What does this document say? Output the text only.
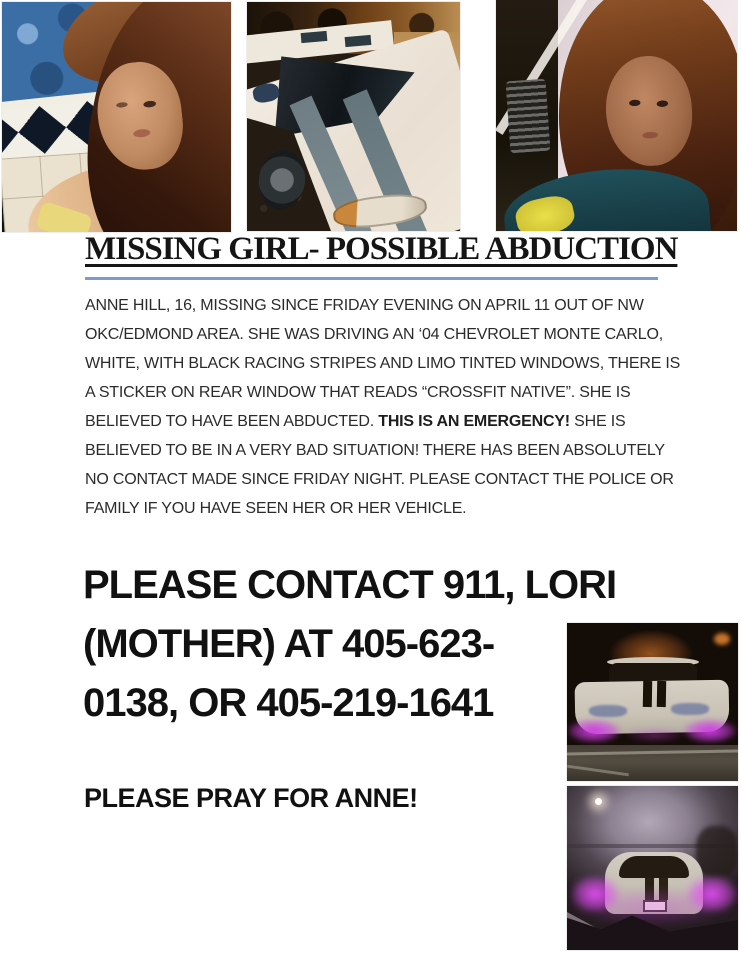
MISSING GIRL- POSSIBLE ABDUCTION

ANNE HILL, 16, MISSING SINCE FRIDAY EVENING ON APRIL 11 OUT OF NW OKC/EDMOND AREA. SHE WAS DRIVING AN ‘04 CHEVROLET MONTE CARLO, WHITE, WITH BLACK RACING STRIPES AND LIMO TINTED WINDOWS, THERE IS A STICKER ON REAR WINDOW THAT READS “CROSSFIT NATIVE”. SHE IS BELIEVED TO HAVE BEEN ABDUCTED. THIS IS AN EMERGENCY! SHE IS BELIEVED TO BE IN A VERY BAD SITUATION! THERE HAS BEEN ABSOLUTELY NO CONTACT MADE SINCE FRIDAY NIGHT. PLEASE CONTACT THE POLICE OR FAMILY IF YOU HAVE SEEN HER OR HER VEHICLE.

PLEASE CONTACT 911, LORI
(MOTHER) AT 405-623-
0138, OR 405-219-1641
PLEASE PRAY FOR ANNE!
